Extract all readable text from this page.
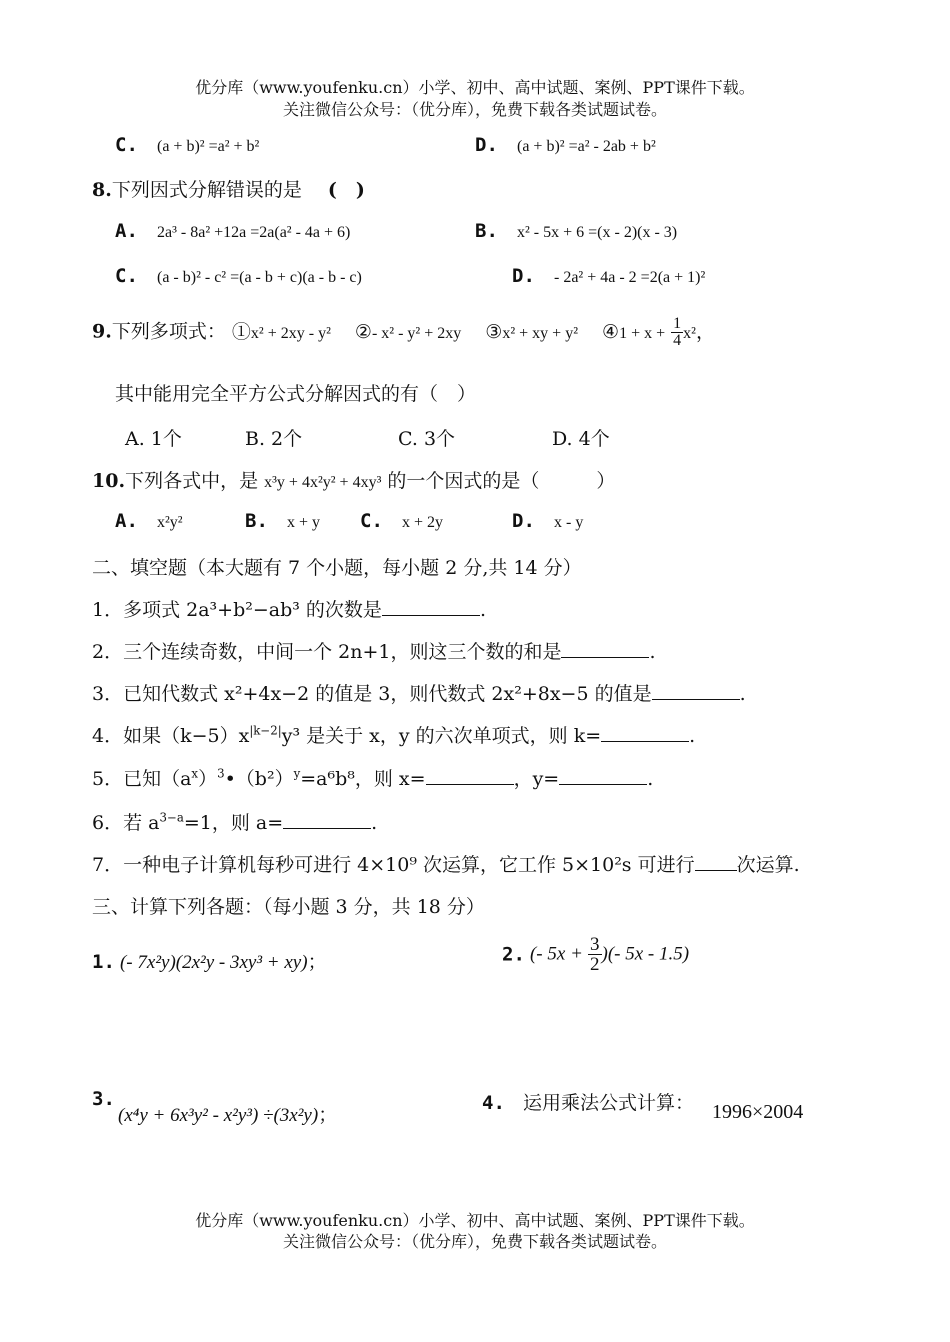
优分库（www.youfenku.cn）小学、初中、高中试题、案例、PPT课件下载。
关注微信公众号：（优分库），免费下载各类试题试卷。
C. (a + b)² =a² + b²	D. (a + b)² =a² - 2ab + b²
8.下列因式分解错误的是 (　)
A. 2a³ - 8a² +12a =2a(a² - 4a + 6)	B. x² - 5x + 6 =(x - 2)(x - 3)
C. (a - b)² - c² =(a - b + c)(a - b - c)	D. - 2a² + 4a - 2 =2(a + 1)²
9.下列多项式： ①x² + 2xy - y² ②- x² - y² + 2xy ③x² + xy + y² ④1 + $x + \frac{1}{4} x^2$，
其中能用完全平方公式分解因式的有（　）
A. 1个	B. 2个	C. 3个	D. 4个
10.下列各式中，是 x³y + 4x²y² + 4xy³ 的一个因式的是（　　　）
A. x²y²	B. x + y C. x + 2y	D. x - y
二、填空题（本大题有 7 个小题，每小题 2 分,共 14 分）
1．多项式 2a³+b²−ab³ 的次数是	.
2．三个连续奇数，中间一个 2n+1，则这三个数的和是	.
3．已知代数式 x²+4x−2 的值是 3，则代数式 2x²+8x−5 的值是	.
4．如果$(k-5)x^{|k-2|}y^3$ 是关于 x，y 的六次单项式，则 k=	.
5．已知$(a^x)^3•(b^2)^y=a^6b^8$，则 x=	，y=	.
6．若 $a^{3-a}=1$，则 a=	.
7．一种电子计算机每秒可进行 4×10⁹ 次运算，它工作 5×10²s 可进行 次运算.
三、计算下列各题：（每小题 3 分，共 18 分）
1. (- 7x²y)(2x²y - 3xy³ + xy)；	2. (- $5x + \frac{3}{2}$ )(- 5x - 1.5)
3.
(x⁴y + 6x³y² - x²y³) ÷(3x²y)；
4. 运用乘法公式计算： 1996×2004
优分库（www.youfenku.cn）小学、初中、高中试题、案例、PPT课件下载。
关注微信公众号：（优分库），免费下载各类试题试卷。
